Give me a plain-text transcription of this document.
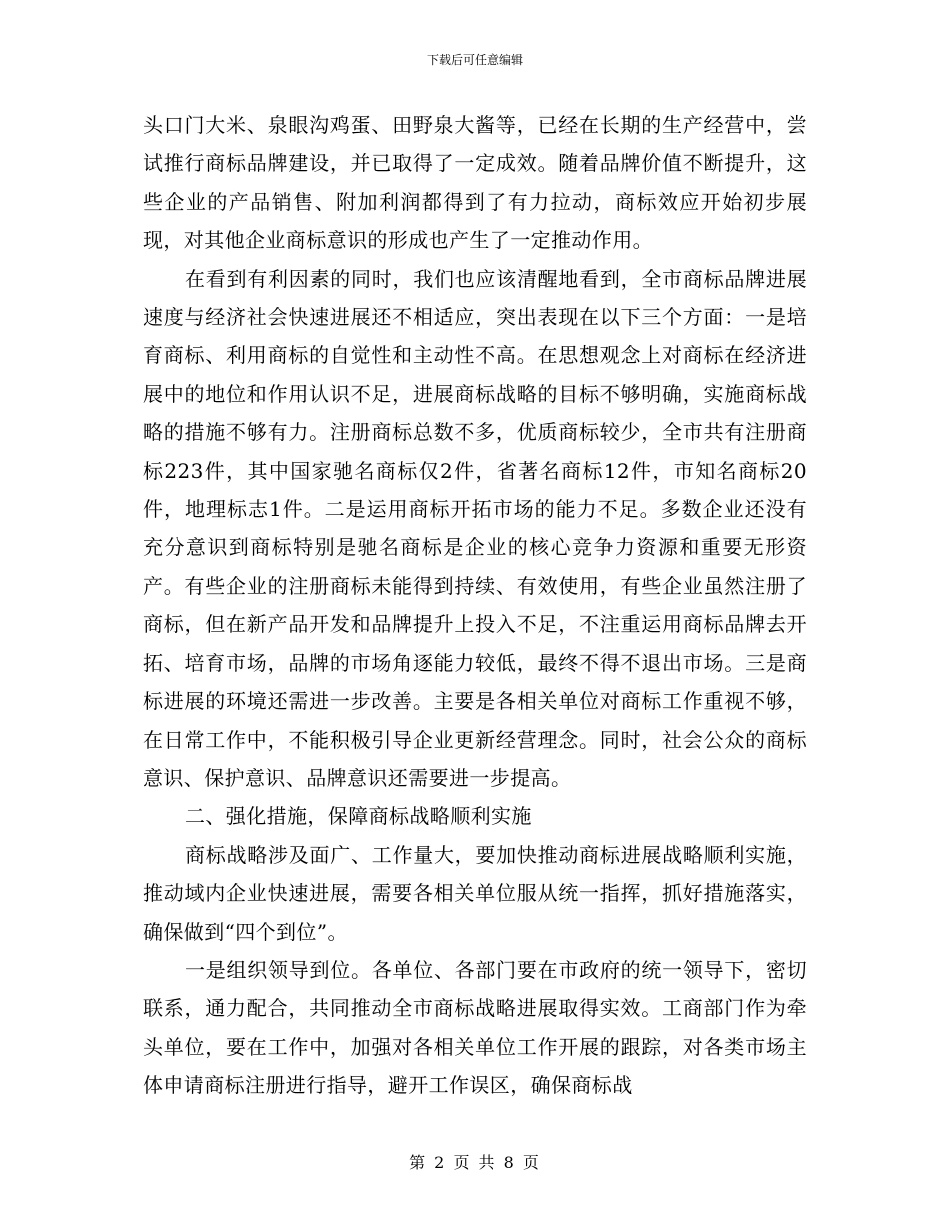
下载后可任意编辑

头口门大米、泉眼沟鸡蛋、田野泉大酱等，已经在长期的生产经营中，尝试推行商标品牌建设，并已取得了一定成效。随着品牌价值不断提升，这些企业的产品销售、附加利润都得到了有力拉动，商标效应开始初步展现，对其他企业商标意识的形成也产生了一定推动作用。

在看到有利因素的同时，我们也应该清醒地看到，全市商标品牌进展速度与经济社会快速进展还不相适应，突出表现在以下三个方面：一是培育商标、利用商标的自觉性和主动性不高。在思想观念上对商标在经济进展中的地位和作用认识不足，进展商标战略的目标不够明确，实施商标战略的措施不够有力。注册商标总数不多，优质商标较少，全市共有注册商标223件，其中国家驰名商标仅2件，省著名商标12件，市知名商标20件，地理标志1件。二是运用商标开拓市场的能力不足。多数企业还没有充分意识到商标特别是驰名商标是企业的核心竞争力资源和重要无形资产。有些企业的注册商标未能得到持续、有效使用，有些企业虽然注册了商标，但在新产品开发和品牌提升上投入不足，不注重运用商标品牌去开拓、培育市场，品牌的市场角逐能力较低，最终不得不退出市场。三是商标进展的环境还需进一步改善。主要是各相关单位对商标工作重视不够，在日常工作中，不能积极引导企业更新经营理念。同时，社会公众的商标意识、保护意识、品牌意识还需要进一步提高。

二、强化措施，保障商标战略顺利实施

商标战略涉及面广、工作量大，要加快推动商标进展战略顺利实施，推动域内企业快速进展，需要各相关单位服从统一指挥，抓好措施落实，确保做到“四个到位”。

一是组织领导到位。各单位、各部门要在市政府的统一领导下，密切联系，通力配合，共同推动全市商标战略进展取得实效。工商部门作为牵头单位，要在工作中，加强对各相关单位工作开展的跟踪，对各类市场主体申请商标注册进行指导，避开工作误区，确保商标战

第 2 页 共 8 页
